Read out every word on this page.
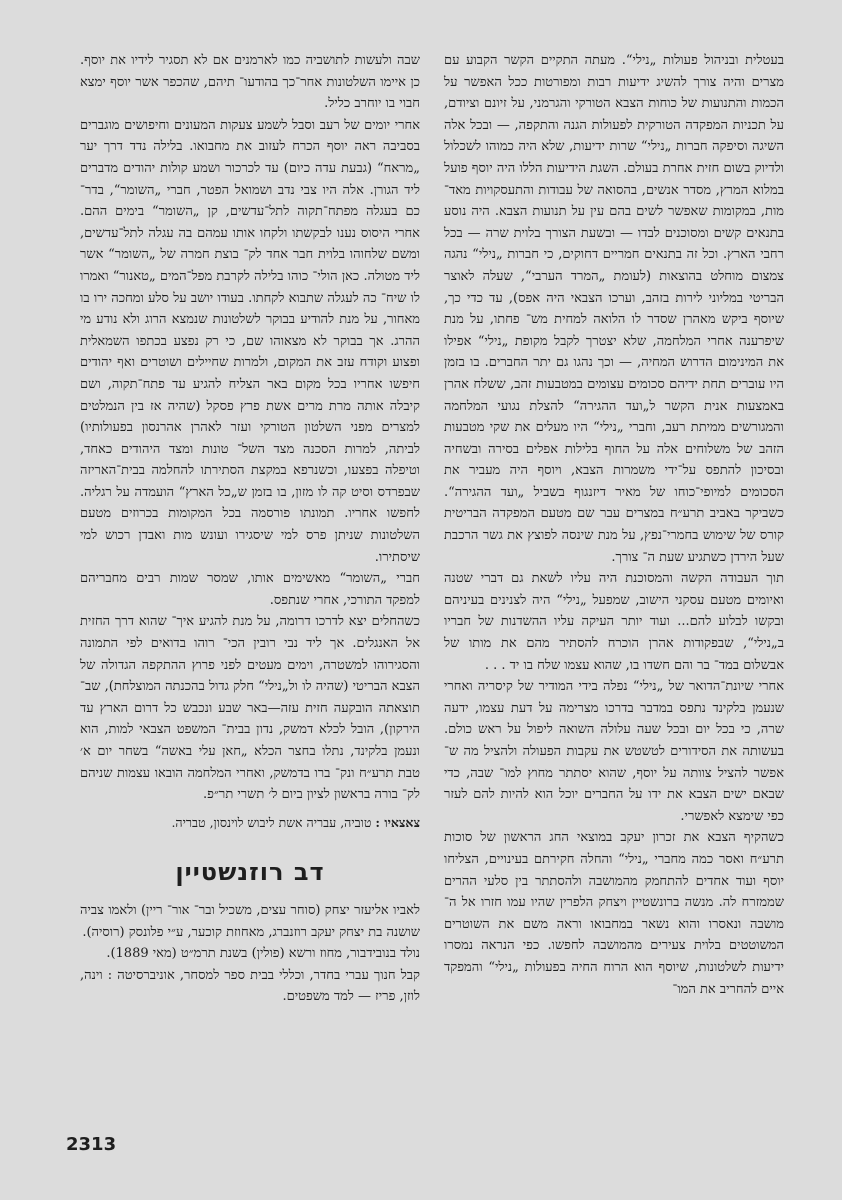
בעטלית ובניהול פעולות „נילי“. מעתה התקיים הקשר הקבוע עם מצרים והיה צורך להשיג ידיעות רבות ומפורטות ככל האפשר על הכמות והתנועות של כוחות הצבא הטורקי והגרמני, על זיונם וציודם, על תכניות המפקדה הטורקית לפעולות הגנה והתקפה, — ובכל אלה השיגה וסיפקה חברות „נילי“ שרות ידיעות, שלא היה כמוהו לשכלול ולדיוק בשום חזית אחרת בעולם. השגת הידיעות הללו היה יוסף פועל במלוא המרץ, מסדר אנשים, בהסואה של עבודות והתעסקויות מאד־ מות, במקומות שאפשר לשים בהם עין על תנועות הצבא. היה נוסע בתנאים קשים ומסוכנים לבדו — ובשעת הצורך בלוית שרה — בכל רחבי הארץ. וכל זה בתנאים חמריים דחוקים, כי חברות „נילי“ נהגה צמצום מוחלט בהוצאות (לעומת „המרד הערבי“, שעלה לאוצר הבריטי במליוני לירות בזהב, וערכו הצבאי היה אפס), עד כדי כך, שיוסף ביקש מאהרן שסדר לו הלואה למחית מש־ פחתו, על מנת שיפרענה אחרי המלחמה, שלא יצטרך לקבל מקופת „נילי“ אפילו את המינימום הדרוש המחיה, — וכך נהגו גם יתר החברים. בו בזמן היו עוברים תחת ידיהם סכומים עצומים במטבעות זהב, ששלח אהרן באמצעות אנית הקשר ל„ועד ההגירה“ להצלת נגועי המלחמה והמגורשים ממיתת רעב, וחברי „נילי“ היו מעלים את שקי מטבעות הזהב של משלוחים אלה על החוף בלילות אפלים בסירה ובשחיה ובסיכון להתפס על־ידי משמרות הצבא, ויוסף היה מעביר את הסכומים למיופי־כוחו של מאיר דיזנגוף בשביל „ועד ההגירה“. כשביקר באביב תרע״ח במצרים עבר שם מטעם המפקדה הבריטית קורס של שימוש בחמרי־נפץ, על מנת שינסה לפוצץ את גשר הרכבת שעל הירדן כשתגיע שעת ה־ צורך.

תוך העבודה הקשה והמסוכנת היה עליו לשאת גם דברי שטנה ואיומים מטעם עסקני הישוב, שמפעל „נילי“ היה לצנינים בעיניהם ובקשו לבלוע להם... ועוד יותר העיקה עליו ההשדנות של חבריו ב„נילי“, שבפקודות אהרן הוכרח להסתיר מהם את מותו של אבשלום במד־ בר והם חשדו בו, שהוא עצמו שלח בו יד . . .

אחרי שיונת־הדואר של „נילי“ נפלה בידי המודיר של קיסריה ואחרי שנעמן בלקינד נתפס במדבר בדרכו מצרימה על דעת עצמו, ידעה שרה, כי בכל יום ובכל שעה עלולה השואה ליפול על ראש כולם. בעשותה את הסידורים לטשטש את עקבות הפעולה ולהציל מה ש־ אפשר להציל צוותה על יוסף, שהוא יסתתר מחוץ למו־ שבה, כדי שבאם ישים הצבא את ידו על החברים יוכל הוא להיות להם לעזר כפי שימצא לאפשרי.

כשהקיף הצבא את זכרון יעקב במוצאי החג הראשון של סוכות תרע״ח ואסר כמה מחברי „נילי“ והחלה חקירתם בעינויים, הצליחו יוסף ועוד אחדים להתחמק מהמושבה ולהסתתר בין סלעי ההרים שממזרח לה. מנשה ברונשטיין ויצחק הלפרין שהיו עמו חזרו אל ה־ מושבה ונאסרו והוא נשאר במחבואו וראה משם את השוטרים המשוטטים בלוית צעירים מהמושבה לחפשו. כפי הנראה נמסרו ידיעות לשלטונות, שיוסף הוא הרוח החיה בפעולות „נילי“ והמפקד איים להחריב את המו־

שבה ולעשות לתושביה כמו לארמנים אם לא תסגיר לידיו את יוסף. כן איימו השלטונות אחר־כך בהודעו־ תיהם, שהכפר אשר יוסף ימצא חבוי בו יוחרב כליל.

אחרי יומים של רעב וסבל לשמע צעקות המעונים וחיפושים מוגברים בסביבה ראה יוסף הכרח לעזוב את מחבואו. בלילה נדד דרך יער „מראח“ (גבעת עדה כיום) עד לכרכור ושמע קולות יהודים מדברים ליד הגורן. אלה היו צבי נדב ושמואל הפטר, חברי „השומר“, בדר־ כם בעגלה מפתח־תקוה לתל־עדשים, קן „השומר“ בימים ההם. אחרי היסוס נענו לבקשתו ולקחו אותו עמהם בה עגלה לתל־עדשים, ומשם שלחוהו בלוית חבר אחד לק־ בוצת חמרה של „השומר“ אשר ליד מטולה. כאן הולי־ כוהו בלילה לקרבת מפל־המים „טאנור“ ואמרו לו שיח־ כה לעגלה שתבוא לקחתו. בעודו יושב על סלע ומחכה ירו בו מאחור, על מנת להודיע בבוקר לשלטונות שנמצא הרוג ולא נודע מי ההרג. אך בבוקר לא מצאוהו שם, כי רק נפצע בכתפו השמאלית ופצוע וקודח עזב את המקום, ולמרות שחיילים ושוטרים ואף יהודים חיפשו אחריו בכל מקום באר הצליח להגיע עד פתח־תקוה, ושם קיבלה אותה מרת מרים אשת פרץ פסקל (שהיה אז בין הנמלטים למצרים מפני השלטון הטורקי ועזר לאהרן אהרנסון בפעולותיו) לביתה, למרות הסכנה מצד השל־ טונות ומצד היהודים כאחד, וטיפלה בפצעו, וכשנרפא במקצת הסתירתו להחלמה בבית־האריזה שבפרדס וסיט קה לו מזון, בו בזמן ש„כל הארץ“ הועמדה על רגליה. לחפשו אחריו. תמונתו פורסמה בכל המקומות בכרוזים מטעם השלטונות שניתן פרס למי שיסגירו ועונש מות ואבדן רכוש למי שיסתירו.

חברי „השומר“ מאשימים אותו, שמסר שמות רבים מחבריהם למפקד התורכי, אחרי שנתפס.

כשהחלים יצא לדרכו דרומה, על מנת להגיע איך־ שהוא דרך החזית אל האנגלים. אך ליד נבי רובין הכי־ רוהו בדואים לפי התמונה והסגירוהו למשטרה, וימים מעטים לפני פרוץ ההתקפה הגדולה של הצבא הבריטי (שהיה לו ול„נילי“ חלק גדול בהכנתה המוצלחת), שב־ תוצאתה הובקעה חזית עזה—באר שבע ונכבש כל דרום הארץ עד הירקון), הובל לכלא דמשק, נדון בבית־ המשפט הצבאי למות, הוא ונעמן בלקינד, נתלו בחצר הכלא „חאן עלי באשה“ בשחר יום א׳ טבת תרע״ח ונק־ ברו בדמשק, ואחרי המלחמה הובאו עצמות שניהם לק־ בורה בראשון לציון ביום ל׳ תשרי תר״פ.

צאצאיו : טוביה, עבריה אשת ליבוש לוינסון, טבריה.

דב רוזנשטיין

לאביו אליעזר יצחק (סוחר עצים, משכיל ובר־ אור־ ריין) ולאמו צביה שושנה בת יצחק יעקב רוזנברג, מאחוזת קוכער, ע״י פלונסק (רוסיה).

נולד בנובידבור, מחוז ורשא (פולין) בשנת תרמ״ט (מאי 1889).

קבל חנוך עברי בחדר, וכללי בבית ספר למסחר, אוניברסיטה : וינה, לוזן, פריז — למד משפטים.

2313
